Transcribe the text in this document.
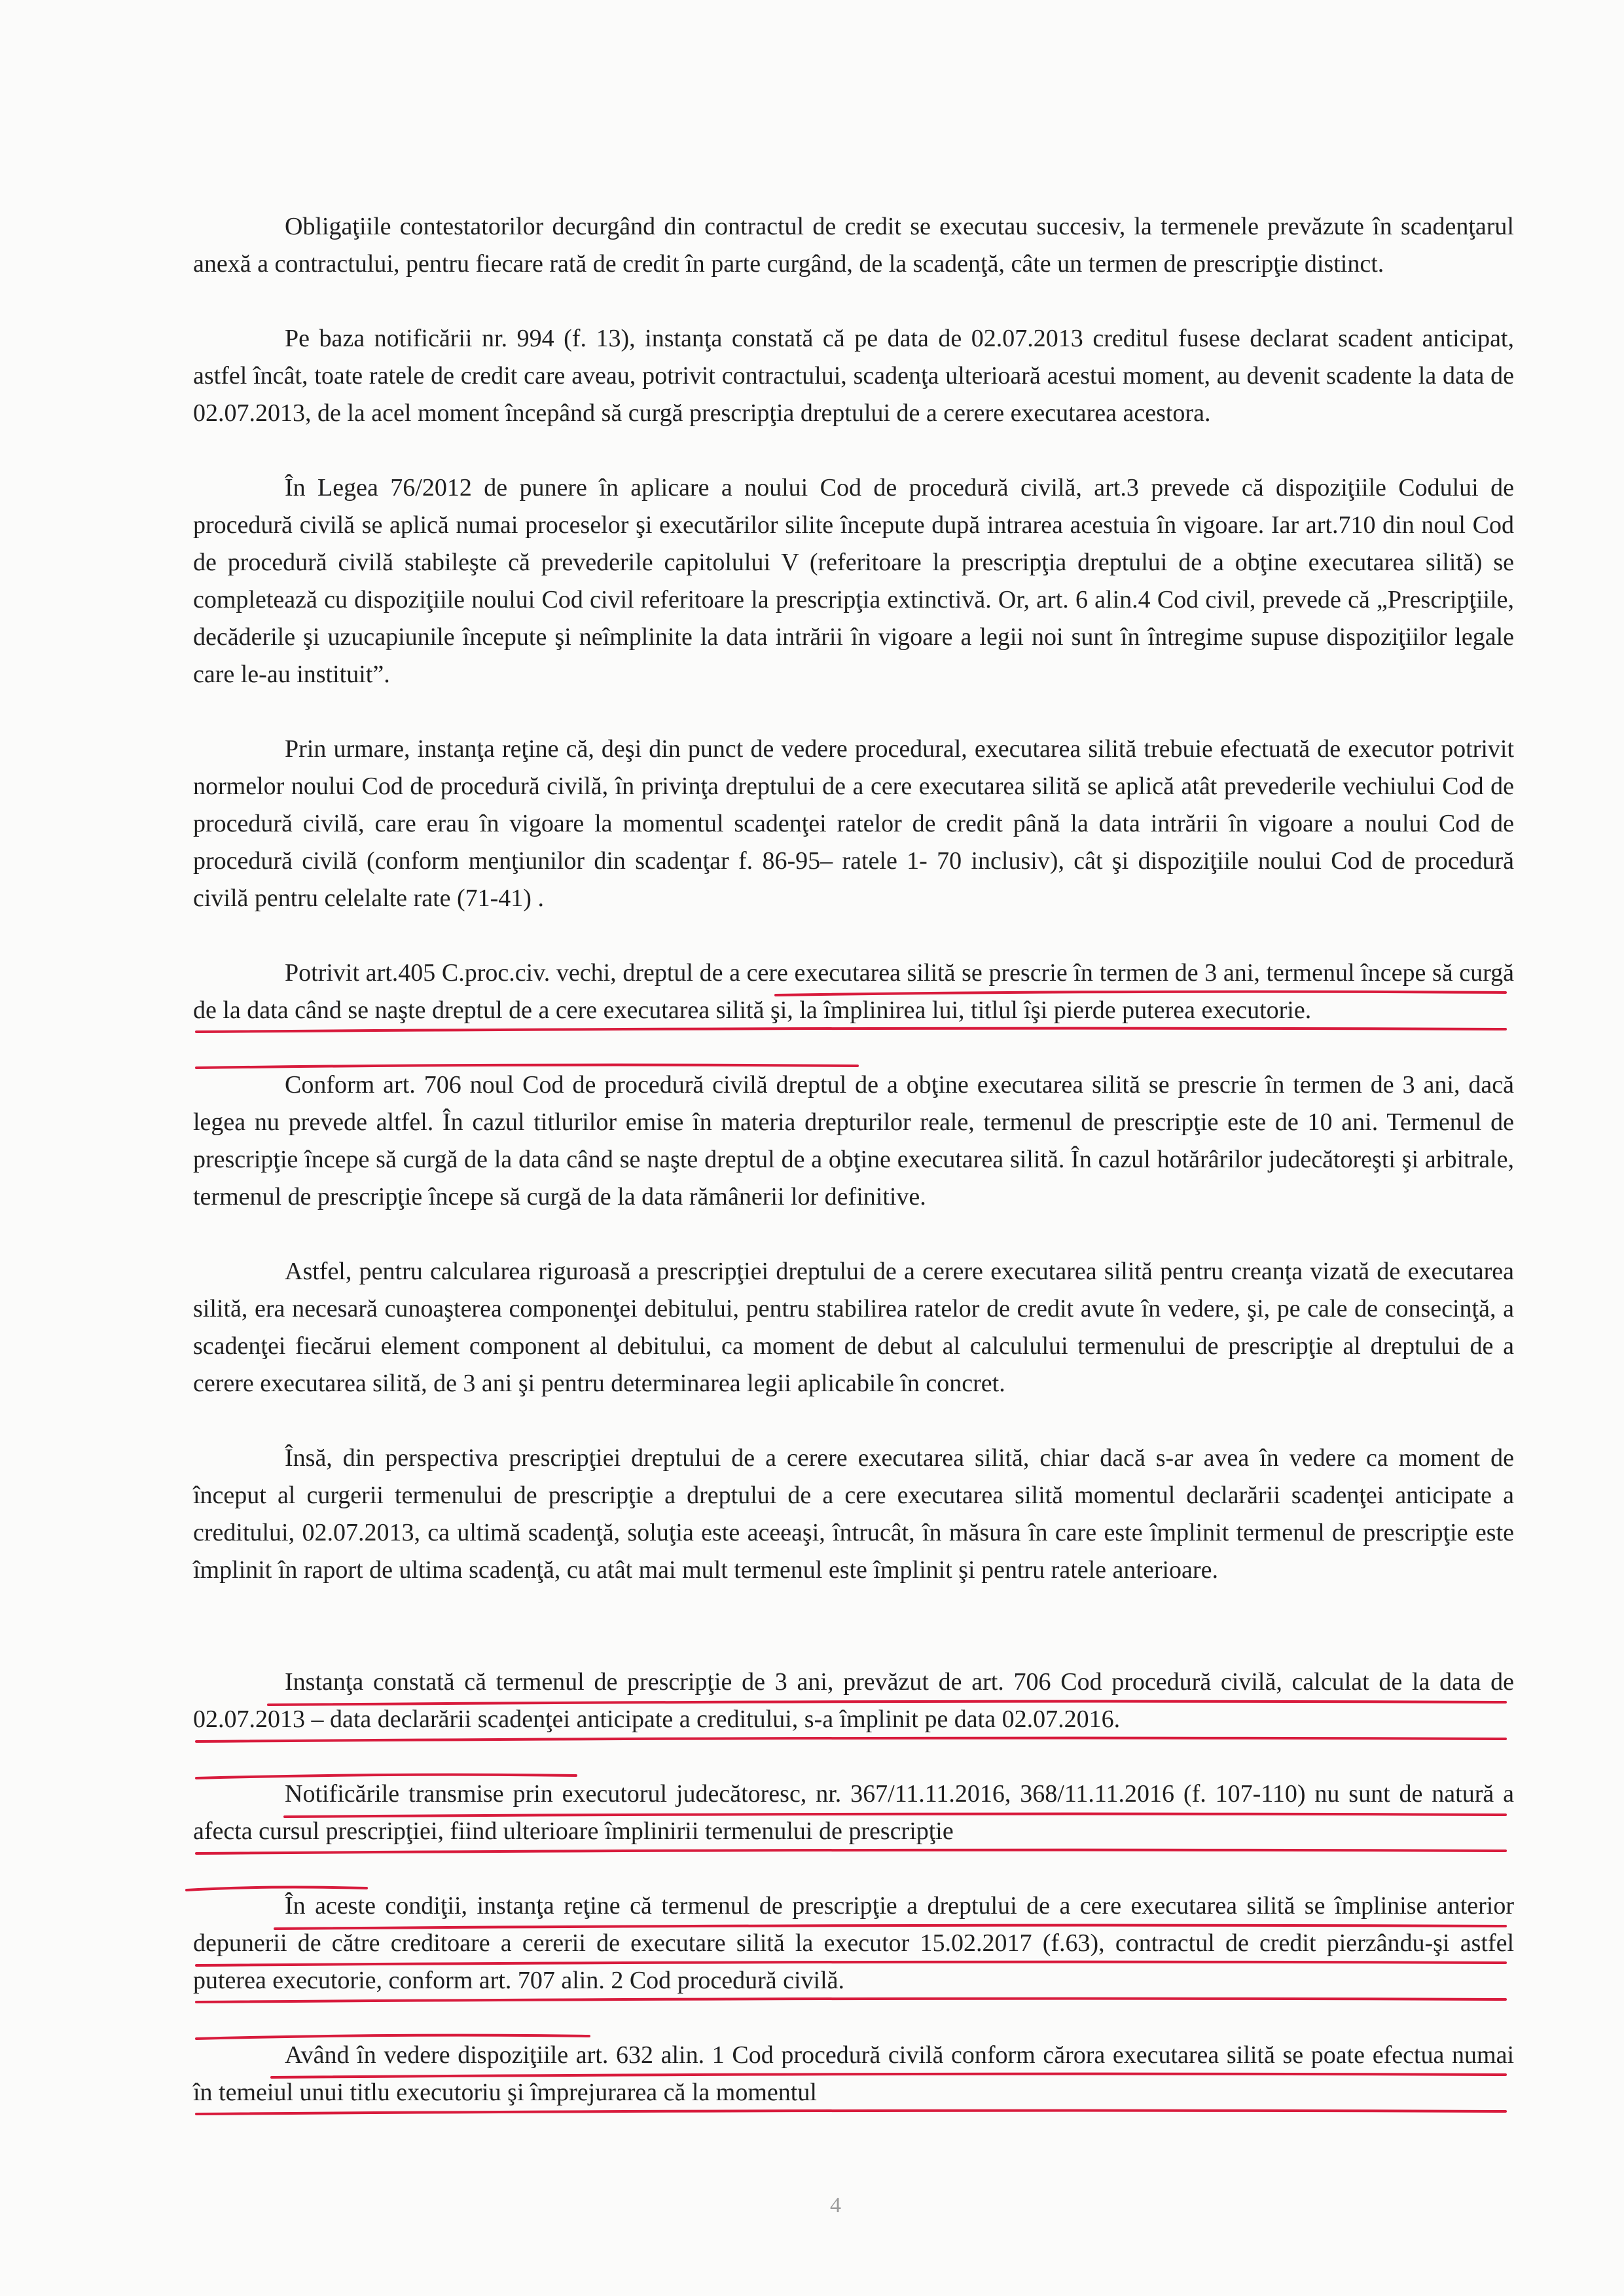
Obligaţiile contestatorilor decurgând din contractul de credit se executau succesiv, la termenele prevăzute în scadenţarul anexă a contractului, pentru fiecare rată de credit în parte curgând, de la scadenţă, câte un termen de prescripţie distinct.

Pe baza notificării nr. 994 (f. 13), instanţa constată că pe data de 02.07.2013 creditul fusese declarat scadent anticipat, astfel încât, toate ratele de credit care aveau, potrivit contractului, scadenţa ulterioară acestui moment, au devenit scadente la data de 02.07.2013, de la acel moment începând să curgă prescripţia dreptului de a cerere executarea acestora.

În Legea 76/2012 de punere în aplicare a noului Cod de procedură civilă, art.3 prevede că dispoziţiile Codului de procedură civilă se aplică numai proceselor şi executărilor silite începute după intrarea acestuia în vigoare. Iar art.710 din noul Cod de procedură civilă stabileşte că prevederile capitolului V (referitoare la prescripţia dreptului de a obţine executarea silită) se completează cu dispoziţiile noului Cod civil referitoare la prescripţia extinctivă. Or, art. 6 alin.4 Cod civil, prevede că „Prescripţiile, decăderile şi uzucapiunile începute şi neîmplinite la data intrării în vigoare a legii noi sunt în întregime supuse dispoziţiilor legale care le-au instituit”.

Prin urmare, instanţa reţine că, deşi din punct de vedere procedural, executarea silită trebuie efectuată de executor potrivit normelor noului Cod de procedură civilă, în privinţa dreptului de a cere executarea silită se aplică atât prevederile vechiului Cod de procedură civilă, care erau în vigoare la momentul scadenţei ratelor de credit până la data intrării în vigoare a noului Cod de procedură civilă (conform menţiunilor din scadenţar f. 86-95– ratele 1- 70 inclusiv), cât şi dispoziţiile noului Cod de procedură civilă pentru celelalte rate (71-41) .

Potrivit art.405 C.proc.civ. vechi, dreptul de a cere executarea silită se prescrie în termen de 3 ani, termenul începe să curgă de la data când se naşte dreptul de a cere executarea silită şi, la împlinirea lui, titlul îşi pierde puterea executorie.

Conform art. 706 noul Cod de procedură civilă dreptul de a obţine executarea silită se prescrie în termen de 3 ani, dacă legea nu prevede altfel. În cazul titlurilor emise în materia drepturilor reale, termenul de prescripţie este de 10 ani. Termenul de prescripţie începe să curgă de la data când se naşte dreptul de a obţine executarea silită. În cazul hotărârilor judecătoreşti şi arbitrale, termenul de prescripţie începe să curgă de la data rămânerii lor definitive.

Astfel, pentru calcularea riguroasă a prescripţiei dreptului de a cerere executarea silită pentru creanţa vizată de executarea silită, era necesară cunoaşterea componenţei debitului, pentru stabilirea ratelor de credit avute în vedere, şi, pe cale de consecinţă, a scadenţei fiecărui element component al debitului, ca moment de debut al calculului termenului de prescripţie al dreptului de a cerere executarea silită, de 3 ani şi pentru determinarea legii aplicabile în concret.

Însă, din perspectiva prescripţiei dreptului de a cerere executarea silită, chiar dacă s-ar avea în vedere ca moment de început al curgerii termenului de prescripţie a dreptului de a cere executarea silită momentul declarării scadenţei anticipate a creditului, 02.07.2013, ca ultimă scadenţă, soluţia este aceeaşi, întrucât, în măsura în care este împlinit termenul de prescripţie este împlinit în raport de ultima scadenţă, cu atât mai mult termenul este împlinit şi pentru ratele anterioare.

Instanţa constată că termenul de prescripţie de 3 ani, prevăzut de art. 706 Cod procedură civilă, calculat de la data de 02.07.2013 – data declarării scadenţei anticipate a creditului, s-a împlinit pe data 02.07.2016.

Notificările transmise prin executorul judecătoresc, nr. 367/11.11.2016, 368/11.11.2016 (f. 107-110) nu sunt de natură a afecta cursul prescripţiei, fiind ulterioare împlinirii termenului de prescripţie

În aceste condiţii, instanţa reţine că termenul de prescripţie a dreptului de a cere executarea silită se împlinise anterior depunerii de către creditoare a cererii de executare silită la executor 15.02.2017 (f.63), contractul de credit pierzându-şi astfel puterea executorie, conform art. 707 alin. 2 Cod procedură civilă.

Având în vedere dispoziţiile art. 632 alin. 1 Cod procedură civilă conform cărora executarea silită se poate efectua numai în temeiul unui titlu executoriu şi împrejurarea că la momentul

4
